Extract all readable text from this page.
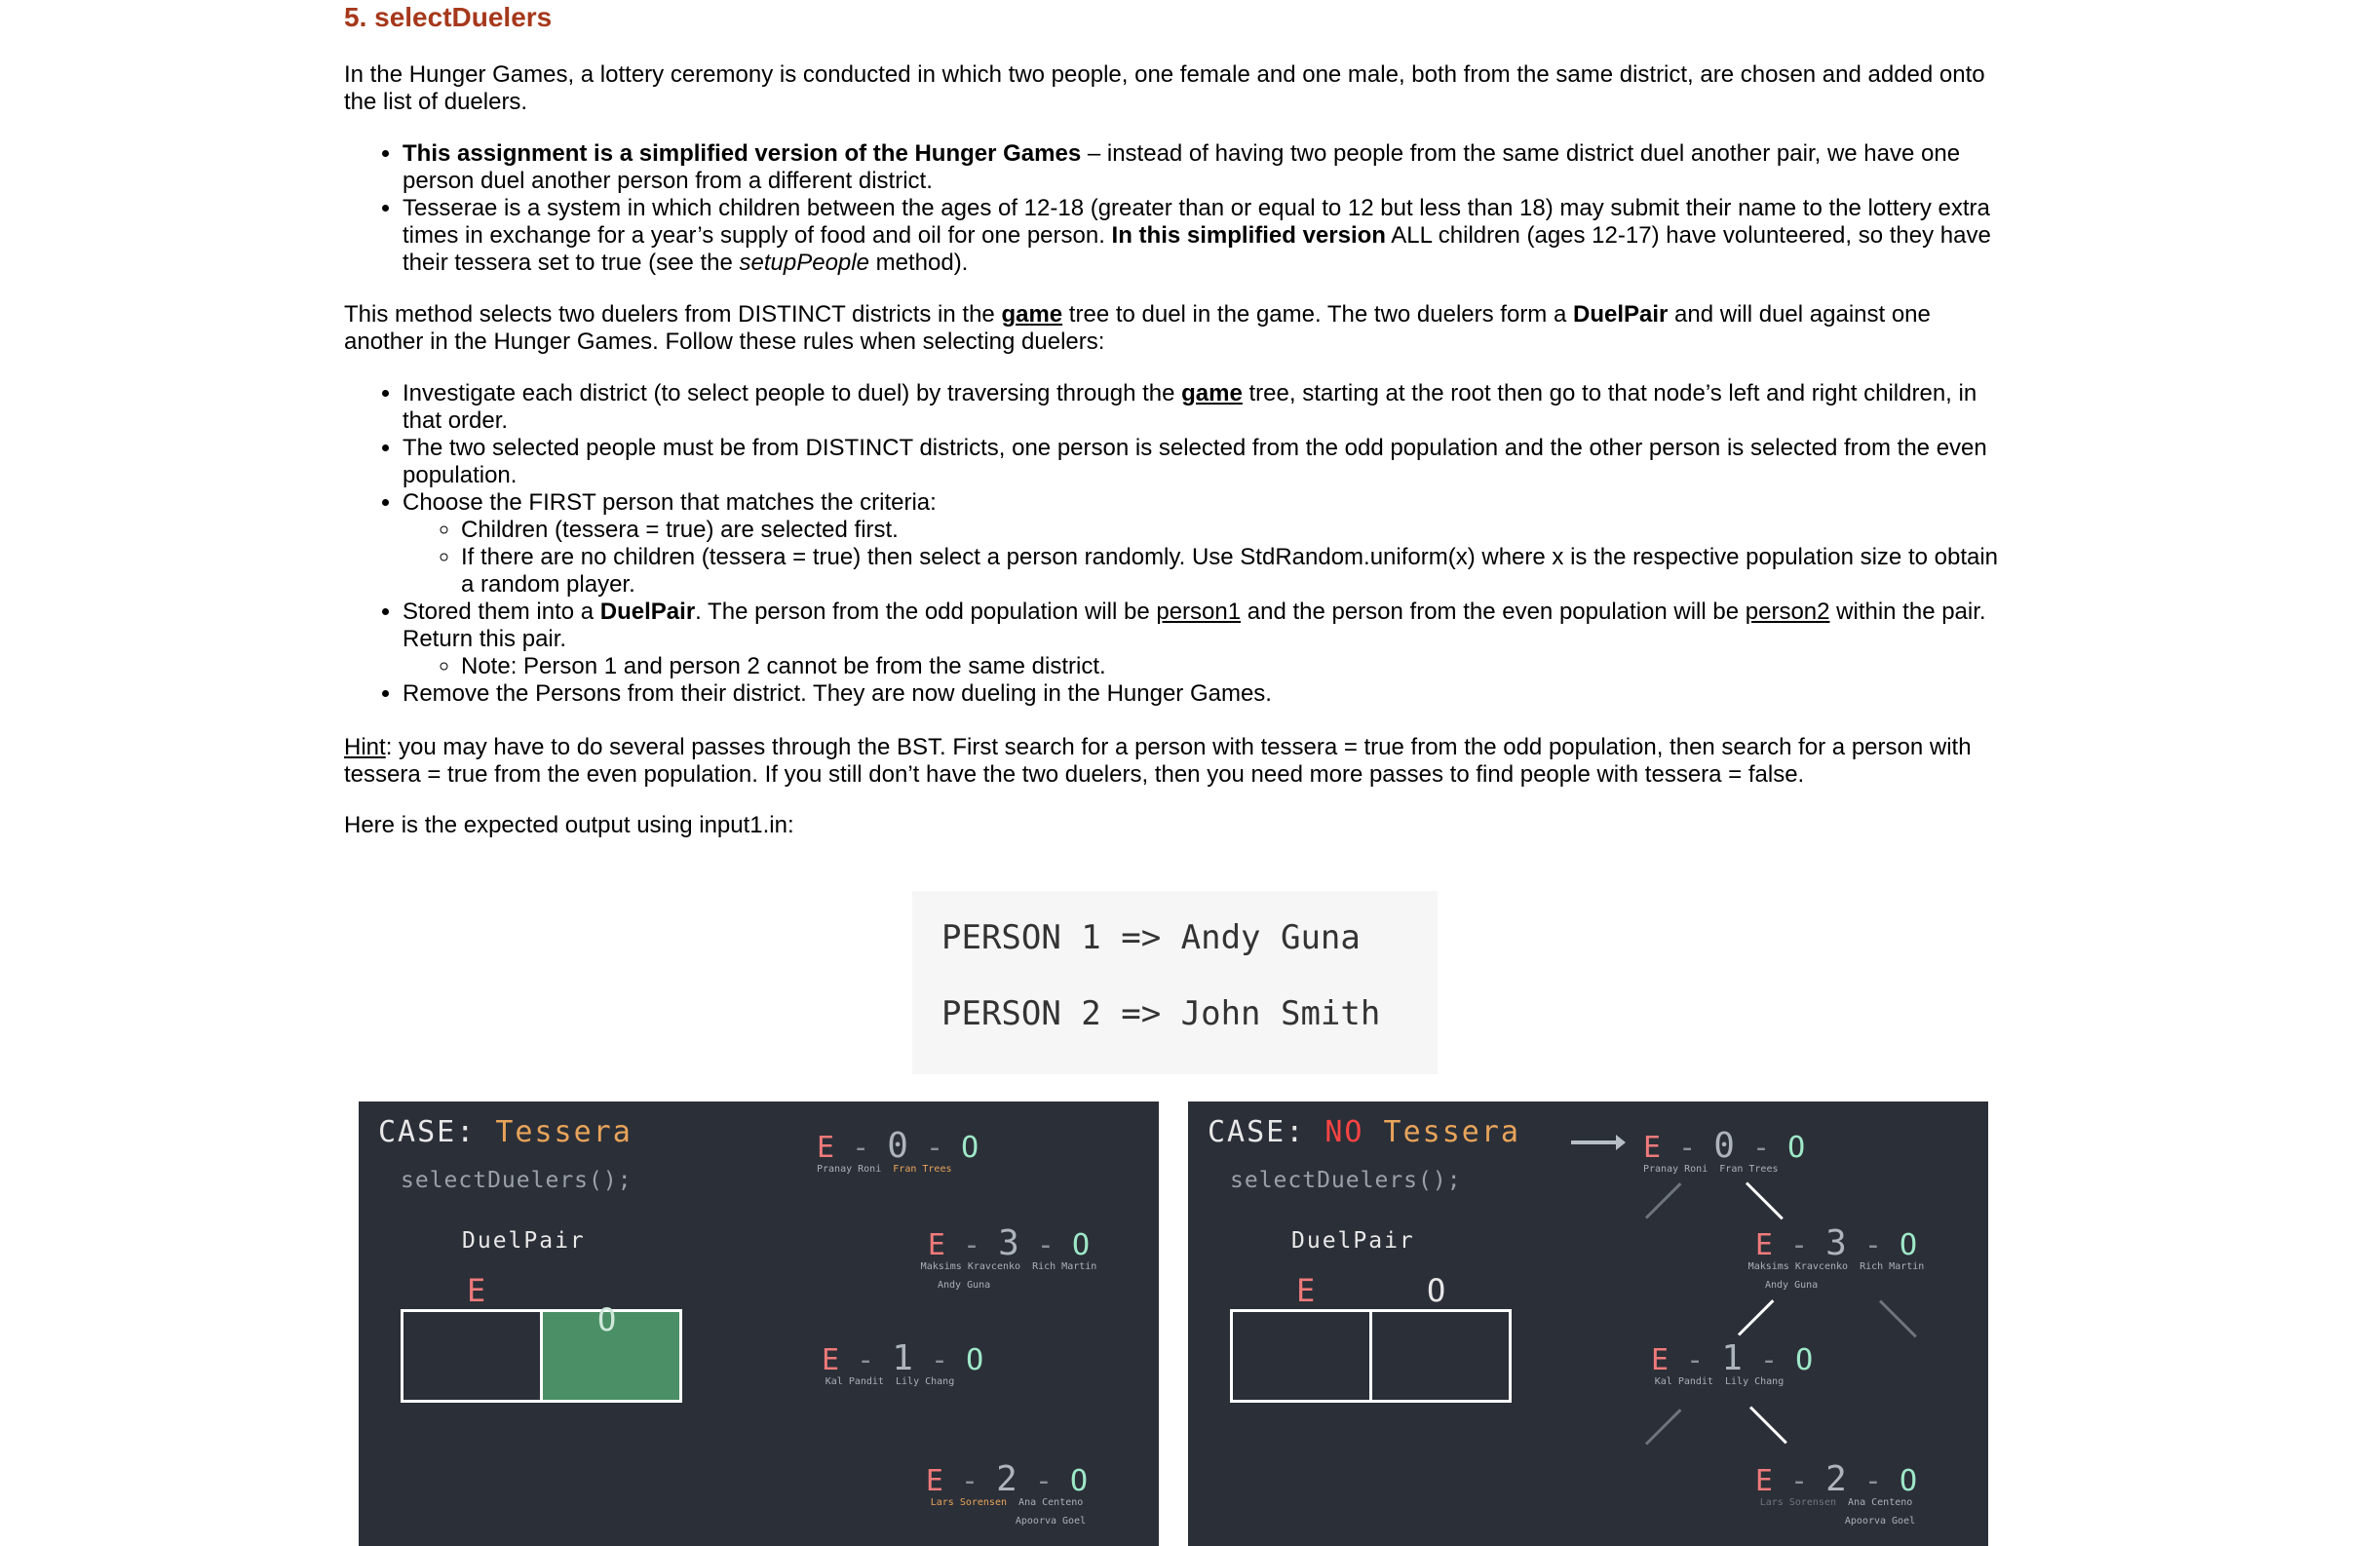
5. selectDuelers

In the Hunger Games, a lottery ceremony is conducted in which two people, one female and one male, both from the same district, are chosen and added onto the list of duelers.

• This assignment is a simplified version of the Hunger Games – instead of having two people from the same district duel another pair, we have one person duel another person from a different district.
• Tesserae is a system in which children between the ages of 12-18 (greater than or equal to 12 but less than 18) may submit their name to the lottery extra times in exchange for a year’s supply of food and oil for one person. In this simplified version ALL children (ages 12-17) have volunteered, so they have their tessera set to true (see the setupPeople method).

This method selects two duelers from DISTINCT districts in the game tree to duel in the game. The two duelers form a DuelPair and will duel against one another in the Hunger Games. Follow these rules when selecting duelers:

• Investigate each district (to select people to duel) by traversing through the game tree, starting at the root then go to that node’s left and right children, in that order.
• The two selected people must be from DISTINCT districts, one person is selected from the odd population and the other person is selected from the even population.
• Choose the FIRST person that matches the criteria:
◦ Children (tessera = true) are selected first.
◦ If there are no children (tessera = true) then select a person randomly. Use StdRandom.uniform(x) where x is the respective population size to obtain a random player.
• Stored them into a DuelPair. The person from the odd population will be person1 and the person from the even population will be person2 within the pair. Return this pair.
◦ Note: Person 1 and person 2 cannot be from the same district.
• Remove the Persons from their district. They are now dueling in the Hunger Games.

Hint: you may have to do several passes through the BST. First search for a person with tessera = true from the odd population, then search for a person with tessera = true from the even population. If you still don’t have the two duelers, then you need more passes to find people with tessera = false.

Here is the expected output using input1.in:

PERSON 1 => Andy Guna
PERSON 2 => John Smith
CASE: Tessera
selectDuelers();
DuelPair
E
O
E - 0 - O
Pranay Roni Fran Trees
E - 3 - O
Maksims Kravcenko Rich Martin
Andy Guna
E - 1 - O
Kal Pandit Lily Chang
E - 2 - O
Lars Sorensen Ana Centeno
Apoorva Goel
CASE: NO Tessera
selectDuelers();
DuelPair
E	O
E - 0 - O
Pranay Roni Fran Trees
E - 3 - O
Maksims Kravcenko Rich Martin
Andy Guna
E - 1 - O
Kal Pandit Lily Chang
E - 2 - O
Lars Sorensen Ana Centeno
Apoorva Goel
